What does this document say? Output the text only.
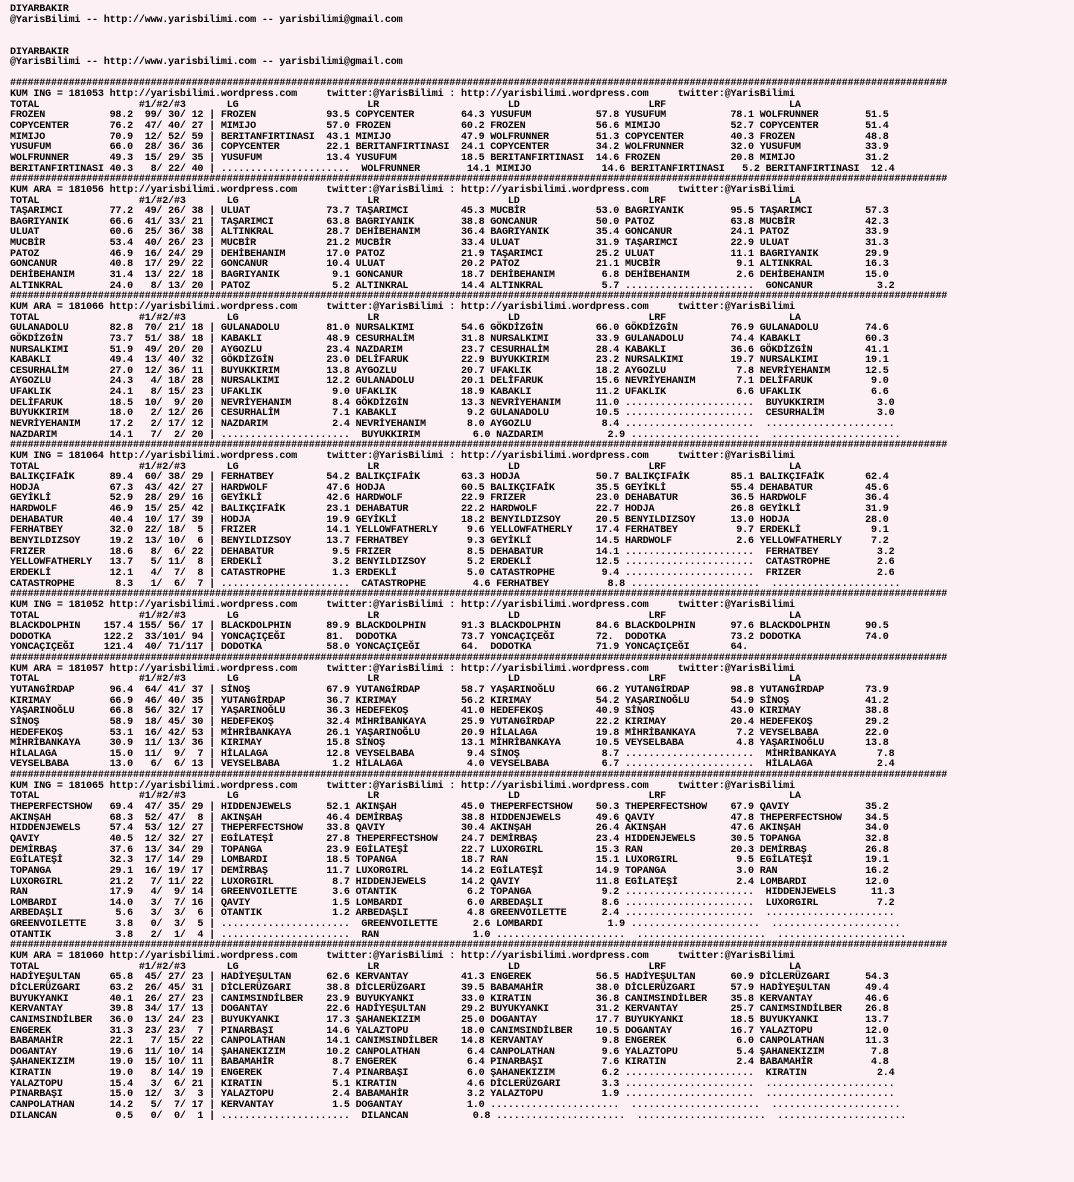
DIYARBAKIR
@YarisBilimi -- http://www.yarisbilimi.com -- yarisbilimi@gmail.com

DIYARBAKIR
@YarisBilimi -- http://www.yarisbilimi.com -- yarisbilimi@gmail.com

################################################################################################################################################################
KUM ING = 181053 http://yarisbilimi.wordpress.com     twitter:@YarisBilimi : http://yarisbilimi.wordpress.com     twitter:@YarisBilimi
TOTAL                 #1/#2/#3       LG                      LR                      LD                      LRF                     LA
FROZEN           98.2  99/ 30/ 12 | FROZEN            93.5 COPYCENTER        64.3 YUSUFUM           57.8 YUSUFUM           78.1 WOLFRUNNER        51.5
COPYCENTER       76.2  47/ 40/ 27 | MIMIJO            57.0 FROZEN            60.2 FROZEN            56.6 MIMIJO            52.7 COPYCENTER        51.4
MIMIJO           70.9  12/ 52/ 59 | BERITANFIRTINASI  43.1 MIMIJO            47.9 WOLFRUNNER        51.3 COPYCENTER        40.3 FROZEN            48.8
YUSUFUM          66.0  28/ 36/ 36 | COPYCENTER        22.1 BERITANFIRTINASI  24.1 COPYCENTER        34.2 WOLFRUNNER        32.0 YUSUFUM           33.9
WOLFRUNNER       49.3  15/ 29/ 35 | YUSUFUM           13.4 YUSUFUM           18.5 BERITANFIRTINASI  14.6 FROZEN            20.8 MIMIJO            31.2
BERITANFIRTINASI 40.3   8/ 22/ 40 | ......................  WOLFRUNNER        14.1 MIMIJO            14.6 BERITANFIRTINASI   5.2 BERITANFIRTINASI  12.4
################################################################################################################################################################
KUM ARA = 181056 http://yarisbilimi.wordpress.com     twitter:@YarisBilimi : http://yarisbilimi.wordpress.com     twitter:@YarisBilimi
TOTAL                 #1/#2/#3       LG                      LR                      LD                      LRF                     LA
TAŞARIMCI        77.2  49/ 26/ 38 | ULUAT             73.7 TAŞARIMCI         45.3 MUCBİR            53.0 BAGRIYANIK        95.5 TAŞARIMCI         57.3
BAGRIYANIK       66.6  41/ 33/ 21 | TAŞARIMCI         63.8 BAGRIYANIK        38.8 GONCANUR          50.0 PATOZ             63.8 MUCBİR            42.3
ULUAT            60.6  25/ 36/ 38 | ALTINKRAL         28.7 DEHİBEHANIM       36.4 BAGRIYANIK        35.4 GONCANUR          24.1 PATOZ             33.9
MUCBİR           53.4  40/ 26/ 23 | MUCBİR            21.2 MUCBİR            33.4 ULUAT             31.9 TAŞARIMCI         22.9 ULUAT             31.3
PATOZ            46.9  16/ 24/ 29 | DEHİBEHANIM       17.0 PATOZ             21.9 TAŞARIMCI         25.2 ULUAT             11.1 BAGRIYANIK        29.9
GONCANUR         40.8  17/ 29/ 22 | GONCANUR          10.4 ULUAT             20.2 PATOZ             21.1 MUCBİR             9.1 ALTINKRAL         16.3
DEHİBEHANIM      31.4  13/ 22/ 18 | BAGRIYANIK         9.1 GONCANUR          18.7 DEHİBEHANIM        6.8 DEHİBEHANIM        2.6 DEHİBEHANIM       15.0
ALTINKRAL        24.0   8/ 13/ 20 | PATOZ              5.2 ALTINKRAL         14.4 ALTINKRAL          5.7 ......................  GONCANUR           3.2
################################################################################################################################################################
KUM ARA = 181066 http://yarisbilimi.wordpress.com     twitter:@YarisBilimi : http://yarisbilimi.wordpress.com     twitter:@YarisBilimi
TOTAL                 #1/#2/#3       LG                      LR                      LD                      LRF                     LA
GULANADOLU       82.8  70/ 21/ 18 | GULANADOLU        81.0 NURSALKIMI        54.6 GÖKDİZGİN         66.0 GÖKDİZGİN         76.9 GULANADOLU        74.6
GÖKDİZGİN        73.7  51/ 38/ 18 | KABAKLI           48.9 CESURHALİM        31.8 NURSALKIMI        33.9 GULANADOLU        74.4 KABAKLI           60.3
NURSALKIMI       51.9  49/ 20/ 20 | AYGOZLU           23.4 NAZDARIM          23.7 CESURHALİM        28.4 KABAKLI           36.6 GÖKDİZGİN         41.1
KABAKLI          49.4  13/ 40/ 32 | GÖKDİZGİN         23.0 DELİFARUK         22.9 BUYUKKIRIM        23.2 NURSALKIMI        19.7 NURSALKIMI        19.1
CESURHALİM       27.0  12/ 36/ 11 | BUYUKKIRIM        13.8 AYGOZLU           20.7 UFAKLIK           18.2 AYGOZLU            7.8 NEVRİYEHANIM      12.5
AYGOZLU          24.3   4/ 18/ 28 | NURSALKIMI        12.2 GULANADOLU        20.1 DELİFARUK         15.6 NEVRİYEHANIM       7.1 DELİFARUK          9.0
UFAKLIK          24.1   8/ 15/ 23 | UFAKLIK            9.0 UFAKLIK           18.9 KABAKLI           11.2 UFAKLIK            6.6 UFAKLIK            6.6
DELİFARUK        18.5  10/  9/ 20 | NEVRİYEHANIM       8.4 GÖKDİZGİN         13.3 NEVRİYEHANIM      11.0 ......................  BUYUKKIRIM         3.0
BUYUKKIRIM       18.0   2/ 12/ 26 | CESURHALİM         7.1 KABAKLI            9.2 GULANADOLU        10.5 ......................  CESURHALİM         3.0
NEVRİYEHANIM     17.2   2/ 17/ 12 | NAZDARIM           2.4 NEVRİYEHANIM       8.0 AYGOZLU            8.4 ......................  ......................
NAZDARIM         14.1   7/  2/ 20 | ......................  BUYUKKIRIM         6.0 NAZDARIM           2.9 ......................  ......................
################################################################################################################################################################
KUM ING = 181064 http://yarisbilimi.wordpress.com     twitter:@YarisBilimi : http://yarisbilimi.wordpress.com     twitter:@YarisBilimi
TOTAL                 #1/#2/#3       LG                      LR                      LD                      LRF                     LA
BALIKÇIFAİK      89.4  60/ 38/ 29 | FERHATBEY         54.2 BALIKÇIFAİK       63.3 HODJA             50.7 BALIKÇIFAİK       85.1 BALIKÇIFAİK       62.4
HODJA            67.3  43/ 42/ 27 | HARDWOLF          47.6 HODJA             60.5 BALIKÇIFAİK       35.5 GEYİKLİ           55.4 DEHABATUR         45.6
GEYİKLİ          52.9  28/ 29/ 16 | GEYİKLİ           42.6 HARDWOLF          22.9 FRIZER            23.0 DEHABATUR         36.5 HARDWOLF          36.4
HARDWOLF         46.9  15/ 25/ 42 | BALIKÇIFAİK       23.1 DEHABATUR         22.2 HARDWOLF          22.7 HODJA             26.8 GEYİKLİ           31.9
DEHABATUR        40.4  10/ 17/ 39 | HODJA             19.9 GEYİKLİ           18.2 BENYILDIZSOY      20.5 BENYILDIZSOY      13.0 HODJA             28.0
FERHATBEY        32.0  22/ 18/  5 | FRIZER            14.1 YELLOWFATHERLY     9.6 YELLOWFATHERLY    17.4 FERHATBEY          9.7 ERDEKLİ            9.1
BENYILDIZSOY     19.2  13/ 10/  6 | BENYILDIZSOY      13.7 FERHATBEY          9.3 GEYİKLİ           14.5 HARDWOLF           2.6 YELLOWFATHERLY     7.2
FRIZER           18.6   8/  6/ 22 | DEHABATUR          9.5 FRIZER             8.5 DEHABATUR         14.1 ......................  FERHATBEY          3.2
YELLOWFATHERLY   13.7   5/ 11/  8 | ERDEKLİ            3.2 BENYILDIZSOY       5.2 ERDEKLİ           12.5 ......................  CATASTROPHE        2.6
ERDEKLİ          12.1   4/  7/  8 | CATASTROPHE        1.3 ERDEKLİ            5.0 CATASTROPHE        9.4 ......................  FRIZER             2.6
CATASTROPHE       8.3   1/  6/  7 | ......................  CATASTROPHE        4.6 FERHATBEY          8.8 ......................  ......................
################################################################################################################################################################
KUM ING = 181052 http://yarisbilimi.wordpress.com     twitter:@YarisBilimi : http://yarisbilimi.wordpress.com     twitter:@YarisBilimi
TOTAL                 #1/#2/#3       LG                      LR                      LD                      LRF                     LA
BLACKDOLPHIN    157.4 155/ 56/ 17 | BLACKDOLPHIN      89.9 BLACKDOLPHIN      91.3 BLACKDOLPHIN      84.6 BLACKDOLPHIN      97.6 BLACKDOLPHIN      90.5
DODOTKA         122.2  33/101/ 94 | YONCAÇIÇEĞI       81.  DODOTKA           73.7 YONCAÇIÇEĞI       72.  DODOTKA           73.2 DODOTKA           74.0
YONCAÇIÇEĞI     121.4  40/ 71/117 | DODOTKA           58.0 YONCAÇIÇEĞI       64.  DODOTKA           71.9 YONCAÇIÇEĞI       64.
################################################################################################################################################################
KUM ARA = 181057 http://yarisbilimi.wordpress.com     twitter:@YarisBilimi : http://yarisbilimi.wordpress.com     twitter:@YarisBilimi
TOTAL                 #1/#2/#3       LG                      LR                      LD                      LRF                     LA
YUTANGİRDAP      96.4  64/ 41/ 37 | SİNOŞ             67.9 YUTANGİRDAP       58.7 YAŞARINOĞLU       66.2 YUTANGİRDAP       98.8 YUTANGİRDAP       73.9
KIRIMAY          66.9  46/ 40/ 35 | YUTANGİRDAP       36.7 KIRIMAY           56.2 KIRIMAY           54.2 YAŞARINOĞLU       54.9 SİNOŞ             41.2
YAŞARINOĞLU      66.8  56/ 32/ 17 | YAŞARINOĞLU       36.3 HEDEFEKOŞ         41.0 HEDEFEKOŞ         40.9 SİNOŞ             43.0 KIRIMAY           38.8
SİNOŞ            58.9  18/ 45/ 30 | HEDEFEKOŞ         32.4 MİHRİBANKAYA      25.9 YUTANGİRDAP       22.2 KIRIMAY           20.4 HEDEFEKOŞ         29.2
HEDEFEKOŞ        53.1  16/ 42/ 53 | MİHRİBANKAYA      26.1 YAŞARINOĞLU       20.9 HİLALAGA          19.8 MİHRİBANKAYA       7.2 VEYSELBABA        22.0
MİHRİBANKAYA     30.9  11/ 13/ 36 | KIRIMAY           15.8 SİNOŞ             13.1 MİHRİBANKAYA      10.5 VEYSELBABA         4.8 YAŞARINOĞLU       13.8
HİLALAGA         15.0  11/  9/  7 | HİLALAGA          12.8 VEYSELBABA         9.4 SİNOŞ              8.7 ......................  MİHRİBANKAYA       7.8
VEYSELBABA       13.0   6/  6/ 13 | VEYSELBABA         1.2 HİLALAGA           4.0 VEYSELBABA         6.7 ......................  HİLALAGA           2.4
################################################################################################################################################################
KUM ING = 181065 http://yarisbilimi.wordpress.com     twitter:@YarisBilimi : http://yarisbilimi.wordpress.com     twitter:@YarisBilimi
TOTAL                 #1/#2/#3       LG                      LR                      LD                      LRF                     LA
THEPERFECTSHOW   69.4  47/ 35/ 29 | HIDDENJEWELS      52.1 AKINŞAH           45.0 THEPERFECTSHOW    50.3 THEPERFECTSHOW    67.9 QAVIY             35.2
AKINŞAH          68.3  52/ 47/  8 | AKINŞAH           46.4 DEMİRBAŞ          38.8 HIDDENJEWELS      49.6 QAVIY             47.8 THEPERFECTSHOW    34.5
HIDDENJEWELS     57.4  53/ 12/ 27 | THEPERFECTSHOW    33.8 QAVIY             30.4 AKINŞAH           26.4 AKINŞAH           47.6 AKINŞAH           34.0
QAVIY            40.5  12/ 32/ 27 | EGİLATEŞİ         27.8 THEPERFECTSHOW    24.7 DEMİRBAŞ          23.4 HIDDENJEWELS      30.5 TOPANGA           32.8
DEMİRBAŞ         37.6  13/ 34/ 29 | TOPANGA           23.9 EGİLATEŞİ         22.7 LUXORGIRL         15.3 RAN               20.3 DEMİRBAŞ          26.8
EGİLATEŞİ        32.3  17/ 14/ 29 | LOMBARDI          18.5 TOPANGA           18.7 RAN               15.1 LUXORGIRL          9.5 EGİLATEŞİ         19.1
TOPANGA          29.1  16/ 19/ 17 | DEMİRBAŞ          11.7 LUXORGIRL         14.2 EGİLATEŞİ         14.9 TOPANGA            3.0 RAN               16.2
LUXORGIRL        21.2   7/ 11/ 22 | LUXORGIRL          8.7 HIDDENJEWELS      14.2 QAVIY             11.8 EGİLATEŞİ          2.4 LOMBARDI          12.0
RAN              17.9   4/  9/ 14 | GREENVOILETTE      3.6 OTANTIK            6.2 TOPANGA            9.2 ......................  HIDDENJEWELS      11.3
LOMBARDI         14.0   3/  7/ 16 | QAVIY              1.5 LOMBARDI           6.0 ARBEDAŞLI          8.6 ......................  LUXORGIRL          7.2
ARBEDAŞLI         5.6   3/  3/  6 | OTANTIK            1.2 ARBEDAŞLI          4.8 GREENVOILETTE      2.4 ......................  ......................
GREENVOILETTE     3.8   0/  3/  5 | ......................  GREENVOILETTE      2.6 LOMBARDI           1.9 ......................  ......................
OTANTIK           3.8   2/  1/  4 | ......................  RAN                1.0 ......................  ......................  ......................
################################################################################################################################################################
KUM ARA = 181060 http://yarisbilimi.wordpress.com     twitter:@YarisBilimi : http://yarisbilimi.wordpress.com     twitter:@YarisBilimi
TOTAL                 #1/#2/#3       LG                      LR                      LD                      LRF                     LA
HADİYEŞULTAN     65.8  45/ 27/ 23 | HADİYEŞULTAN      62.6 KERVANTAY         41.3 ENGEREK           56.5 HADİYEŞULTAN      60.9 DİCLERÜZGARI      54.3
DİCLERÜZGARI     63.2  26/ 45/ 31 | DİCLERÜZGARI      38.8 DİCLERÜZGARI      39.5 BABAMAHİR         38.0 DİCLERÜZGARI      57.9 HADİYEŞULTAN      49.4
BUYUKYANKI       40.1  26/ 27/ 23 | CANIMSINDİLBER    23.9 BUYUKYANKI        33.0 KIRATIN           36.8 CANIMSINDİLBER    35.8 KERVANTAY         46.6
KERVANTAY        39.8  34/ 17/ 13 | DOGANTAY          22.6 HADİYEŞULTAN      29.2 BUYUKYANKI        31.2 KERVANTAY         25.7 CANIMSINDİLBER    26.8
CANIMSINDİLBER   36.0  13/ 24/ 23 | BUYUKYANKI        17.3 ŞAHANEKIZIM       25.0 DOGANTAY          17.7 BUYUKYANKI        18.5 BUYUKYANKI        13.7
ENGEREK          31.3  23/ 23/  7 | PINARBAŞI         14.6 YALAZTOPU         18.0 CANIMSINDİLBER    10.5 DOGANTAY          16.7 YALAZTOPU         12.0
BABAMAHİR        22.1   7/ 15/ 22 | CANPOLATHAN       14.1 CANIMSINDİLBER    14.8 KERVANTAY          9.8 ENGEREK            6.0 CANPOLATHAN       11.3
DOGANTAY         19.6  11/ 10/ 14 | ŞAHANEKIZIM       10.2 CANPOLATHAN        6.4 CANPOLATHAN        9.6 YALAZTOPU          5.4 ŞAHANEKIZIM        7.8
ŞAHANEKIZIM      19.0  15/ 10/ 11 | BABAMAHİR          8.7 ENGEREK            6.4 PINARBAŞI          7.6 KIRATIN            2.4 BABAMAHİR          4.8
KIRATIN          19.0   8/ 14/ 19 | ENGEREK            7.4 PINARBAŞI          6.0 ŞAHANEKIZIM        6.2 ......................  KIRATIN            2.4
YALAZTOPU        15.4   3/  6/ 21 | KIRATIN            5.1 KIRATIN            4.6 DİCLERÜZGARI       3.3 ......................  ......................
PINARBAŞI        15.0  12/  3/  3 | YALAZTOPU          2.4 BABAMAHİR          3.2 YALAZTOPU          1.9 ......................  ......................
CANPOLATHAN      14.2   5/  7/ 17 | KERVANTAY          1.5 DOGANTAY           1.0 ......................  ......................  ......................
DILANCAN          0.5   0/  0/  1 | ......................  DILANCAN           0.8 ......................  ......................  ......................
